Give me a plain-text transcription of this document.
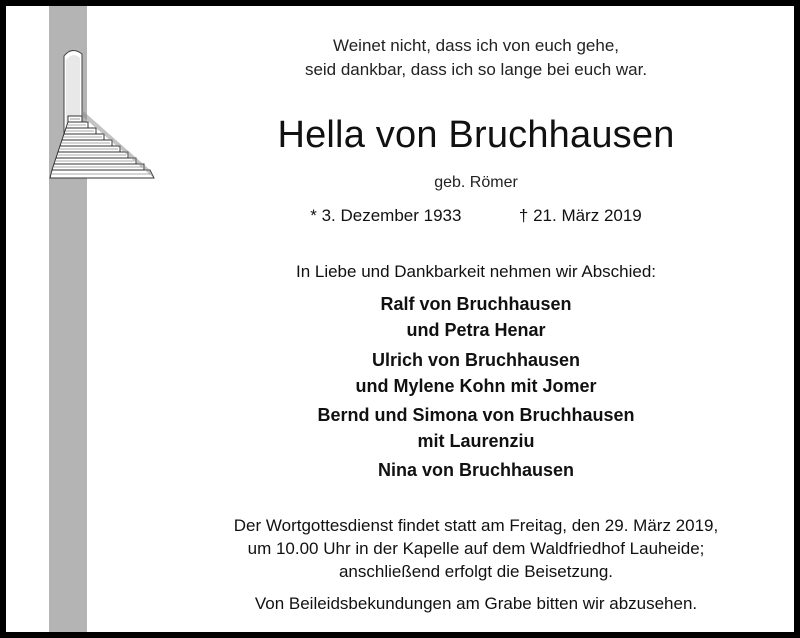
Weinet nicht, dass ich von euch gehe,
seid dankbar, dass ich so lange bei euch war.
Hella von Bruchhausen
geb. Römer
* 3. Dezember 1933	† 21. März 2019
In Liebe und Dankbarkeit nehmen wir Abschied:
Ralf von Bruchhausen
und Petra Henar
Ulrich von Bruchhausen
und Mylene Kohn mit Jomer
Bernd und Simona von Bruchhausen
mit Laurenziu
Nina von Bruchhausen
Der Wortgottesdienst findet statt am Freitag, den 29. März 2019,
um 10.00 Uhr in der Kapelle auf dem Waldfriedhof Lauheide;
anschließend erfolgt die Beisetzung.
Von Beileidsbekundungen am Grabe bitten wir abzusehen.
